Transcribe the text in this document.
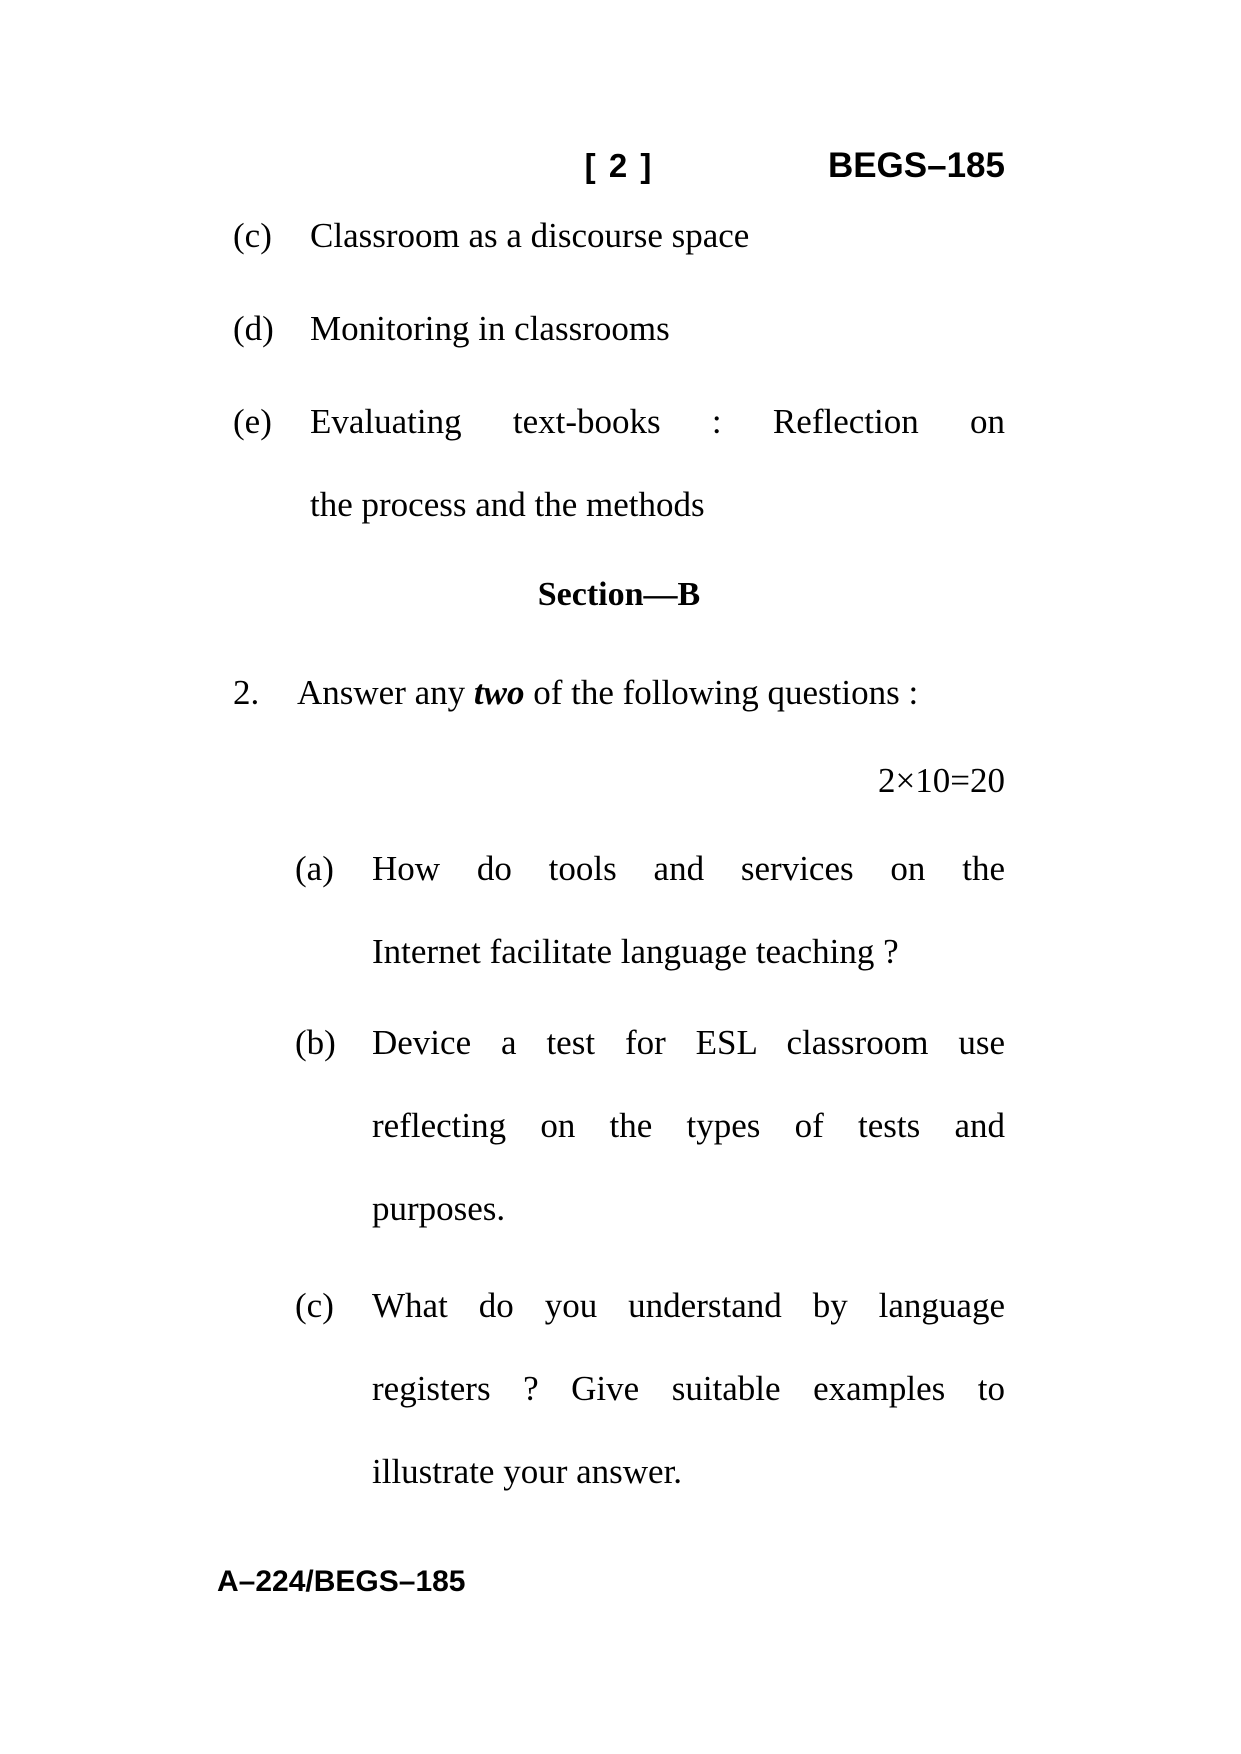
[ 2 ]	BEGS–185
(c)	Classroom as a discourse space
(d)	Monitoring in classrooms
(e)	Evaluating text-books : Reflection on
the process and the methods
Section—B
2.	Answer any two of the following questions :
2×10=20
(a)	How do tools and services on the
Internet facilitate language teaching ?
(b)	Device a test for ESL classroom use
reflecting on the types of tests and
purposes.
(c)	What do you understand by language
registers ? Give suitable examples to
illustrate your answer.
A–224/BEGS–185
